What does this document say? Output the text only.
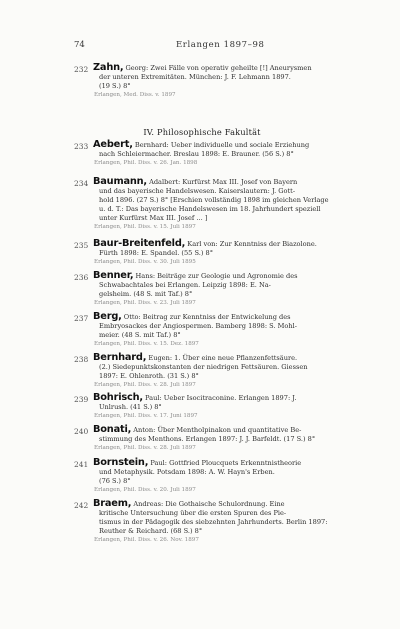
74	Erlangen 1897–98
232 Zahn, Georg: Zwei Fälle von operativ geheilte [!] Aneurysmen
der unteren Extremitäten. München: J. F. Lehmann 1897.
(19 S.) 8°
Erlangen, Med. Diss. v. 1897
IV. Philosophische Fakultät
233 Aebert, Bernhard: Ueber individuelle und sociale Erziehung
nach Schleiermacher. Breslau 1898: E. Brauner. (56 S.) 8°
Erlangen, Phil. Diss. v. 26. Jan. 1898
234 Baumann, Adalbert: Kurfürst Max III. Josef von Bayern
und das bayerische Handelswesen. Kaiserslautern: J. Gott-
hold 1896. (27 S.) 8° [Erschien vollständig 1898 im gleichen Verlage u. d. T.: Das bayerische Handelswesen im 18. Jahrhundert speziell unter Kurfürst Max III. Josef ... ]
Erlangen, Phil. Diss. v. 15. Juli 1897
235 Baur-Breitenfeld, Karl von: Zur Kenntniss der Biazolone.
Fürth 1898: E. Spandel. (55 S.) 8°
Erlangen, Phil. Diss. v. 30. Juli 1895
236 Benner, Hans: Beiträge zur Geologie und Agronomie des
Schwabachtales bei Erlangen. Leipzig 1898: E. Na-
gelsheim. (48 S. mit Taf.) 8°
Erlangen, Phil. Diss. v. 23. Juli 1897
237 Berg, Otto: Beitrag zur Kenntniss der Entwickelung des
Embryosackes der Angiospermen. Bamberg 1898: S. Mohl-
meier. (48 S. mit Taf.) 8°
Erlangen, Phil. Diss. v. 15. Dez. 1897
238 Bernhard, Eugen: 1. Über eine neue Pflanzenfettsäure.
(2.) Siedepunktskonstanten der niedrigen Fettsäuren. Giessen
1897: E. Ohlenroth. (31 S.) 8°
Erlangen, Phil. Diss. v. 28. Juli 1897
239 Bohrisch, Paul: Ueber Isocitraconine. Erlangen 1897: J.
Unlrush. (41 S.) 8°
Erlangen, Phil. Diss. v. 17. Juni 1897
240 Bonati, Anton: Über Mentholpinakon und quantitative Be-
stimmung des Menthons. Erlangen 1897: J. J. Barfeldt. (17 S.) 8°
Erlangen, Phil. Diss. v. 28. Juli 1897
241 Bornstein, Paul: Gottfried Ploucquets Erkenntnistheorie
und Metaphysik. Potsdam 1898: A. W. Hayn's Erben.
(76 S.) 8°
Erlangen, Phil. Diss. v. 20. Juli 1897
242 Braem, Andreas: Die Gothaische Schulordnung. Eine
kritische Untersuchung über die ersten Spuren des Pie-
tismus in der Pädagogik des siebzehnten Jahrhunderts. Berlin 1897: Reuther & Reichard. (68 S.) 8°
Erlangen, Phil. Diss. v. 26. Nov. 1897
